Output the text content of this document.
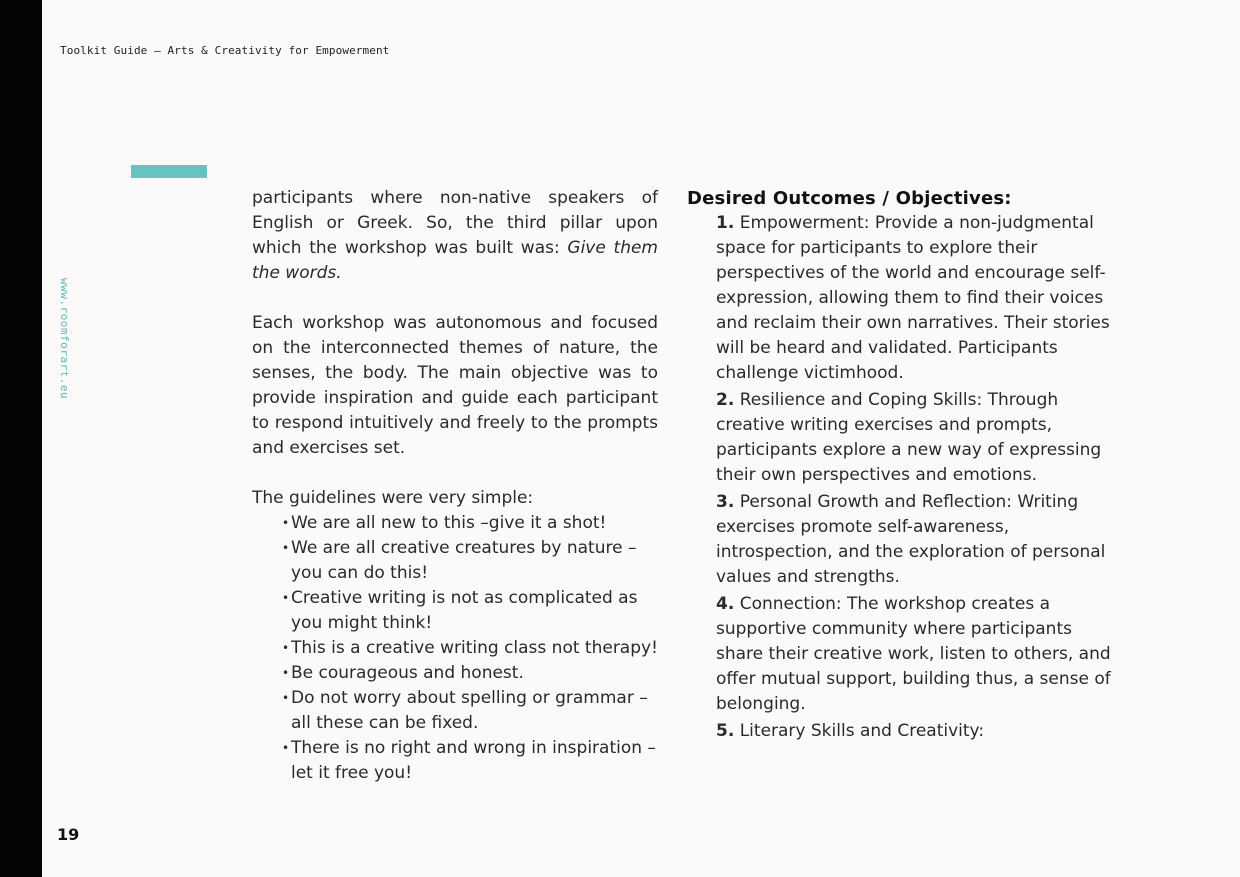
Toolkit Guide – Arts & Creativity for Empowerment
www.roomforart.eu

participants where non-native speakers of English or Greek. So, the third pillar upon which the workshop was built was: Give them the words.

Each workshop was autonomous and focused on the interconnected themes of nature, the senses, the body. The main objective was to provide inspiration and guide each participant to respond intuitively and freely to the prompts and exercises set.

The guidelines were very simple:

• We are all new to this –give it a shot!
• We are all creative creatures by nature – you can do this!
• Creative writing is not as complicated as you might think!
• This is a creative writing class not therapy!
• Be courageous and honest.
• Do not worry about spelling or grammar –all these can be fixed.
• There is no right and wrong in inspiration –let it free you!

Desired Outcomes / Objectives:

1. Empowerment: Provide a non-judgmental space for participants to explore their perspectives of the world and encourage self-expression, allowing them to find their voices and reclaim their own narratives. Their stories will be heard and validated. Participants challenge victimhood.

2. Resilience and Coping Skills: Through creative writing exercises and prompts, participants explore a new way of expressing their own perspectives and emotions.

3. Personal Growth and Reflection: Writing exercises promote self-awareness, introspection, and the exploration of personal values and strengths.

4. Connection: The workshop creates a supportive community where participants share their creative work, listen to others, and offer mutual support, building thus, a sense of belonging.

5. Literary Skills and Creativity:

19
